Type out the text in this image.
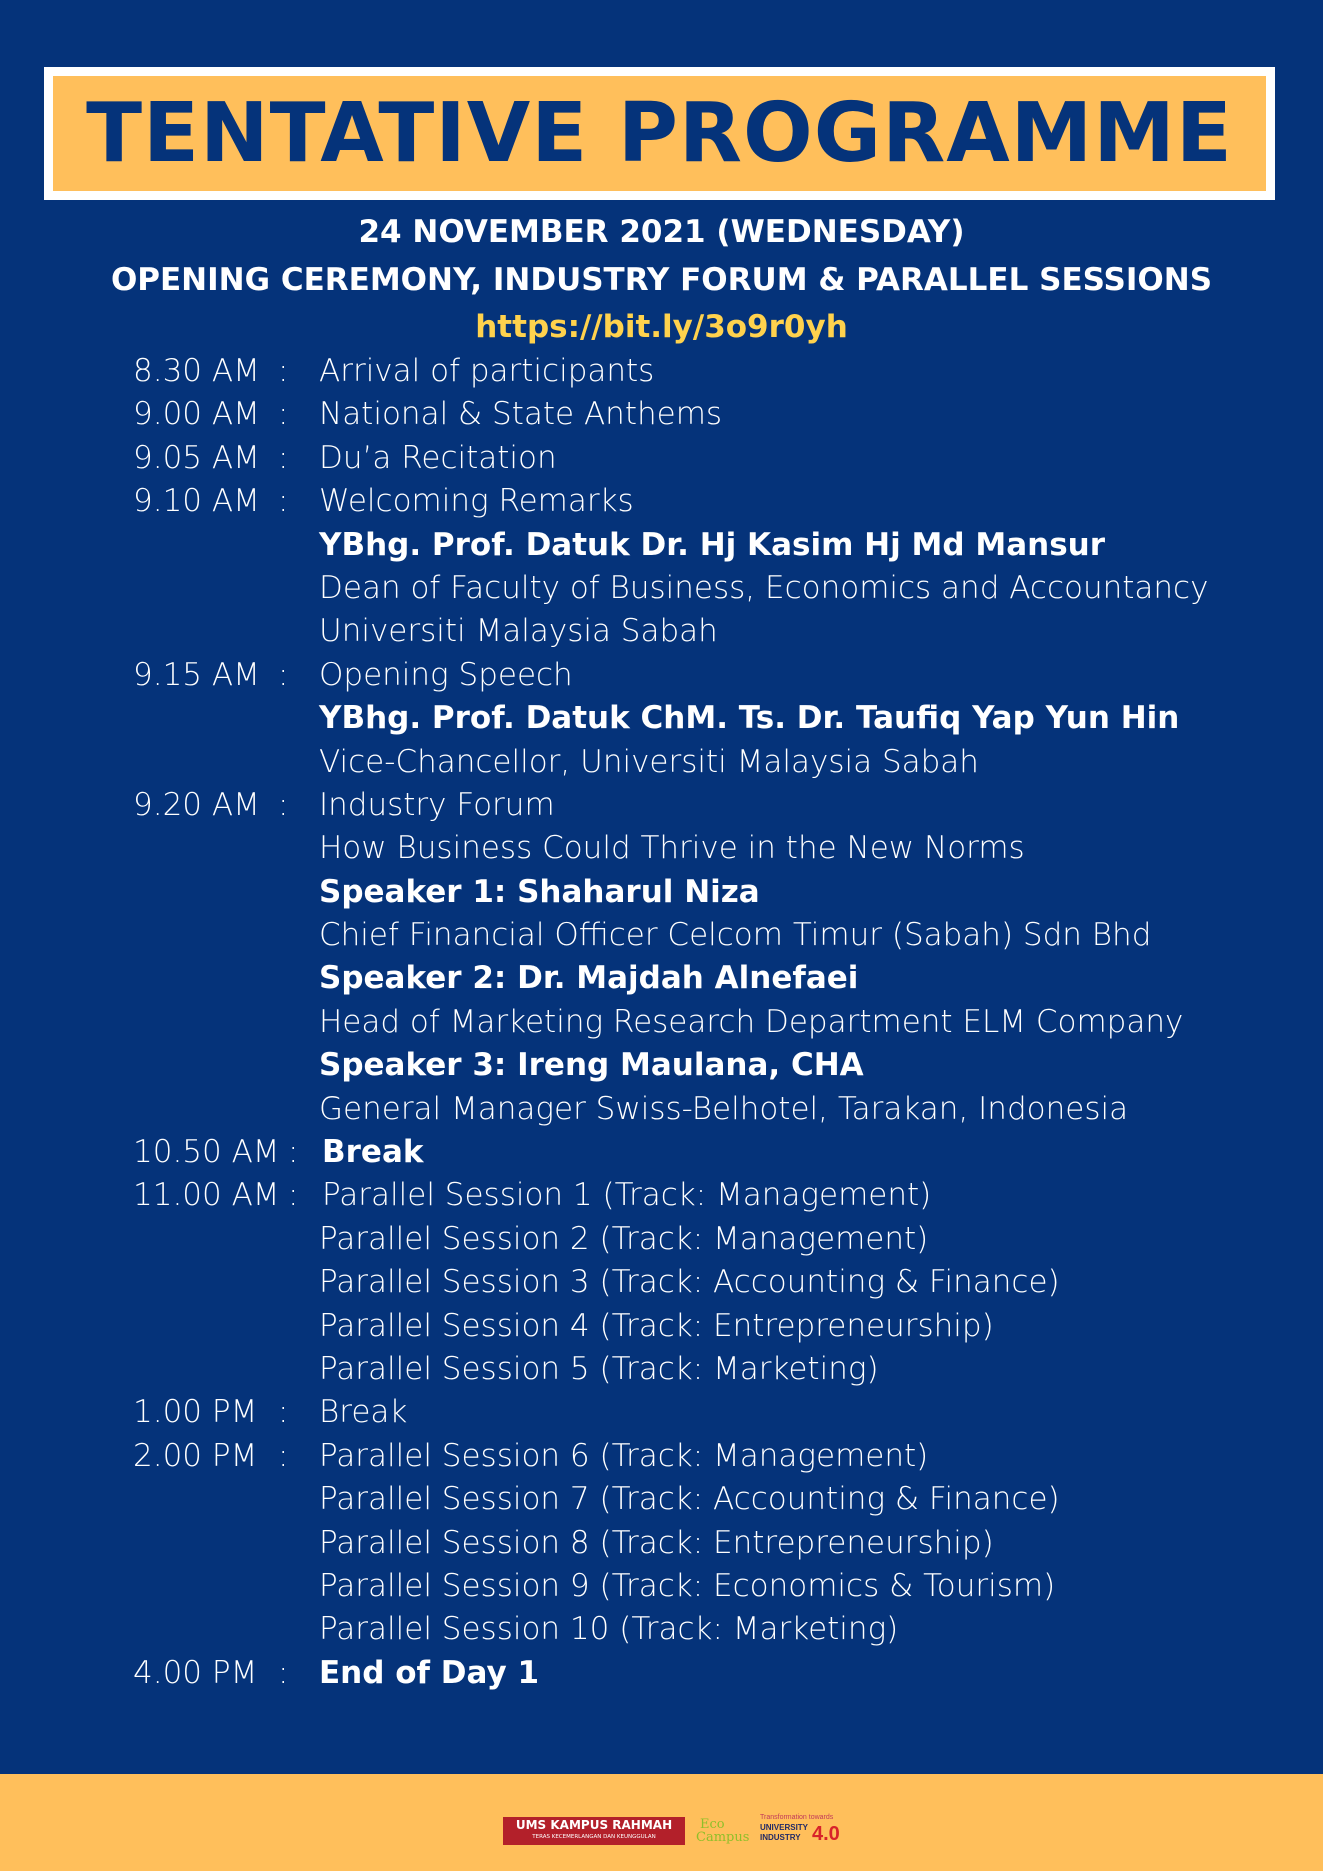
TENTATIVE PROGRAMME
24 NOVEMBER 2021 (WEDNESDAY)
OPENING CEREMONY, INDUSTRY FORUM & PARALLEL SESSIONS
https://bit.ly/3o9r0yh
8.30 AM : Arrival of participants
9.00 AM : National & State Anthems
9.05 AM : Du’a Recitation
9.10 AM : Welcoming Remarks
YBhg. Prof. Datuk Dr. Hj Kasim Hj Md Mansur
Dean of Faculty of Business, Economics and Accountancy
Universiti Malaysia Sabah
9.15 AM : Opening Speech
YBhg. Prof. Datuk ChM. Ts. Dr. Taufiq Yap Yun Hin
Vice-Chancellor, Universiti Malaysia Sabah
9.20 AM : Industry Forum
How Business Could Thrive in the New Norms
Speaker 1: Shaharul Niza
Chief Financial Officer Celcom Timur (Sabah) Sdn Bhd
Speaker 2: Dr. Majdah Alnefaei
Head of Marketing Research Department ELM Company
Speaker 3: Ireng Maulana, CHA
General Manager Swiss-Belhotel, Tarakan, Indonesia
10.50 AM : Break
11.00 AM : Parallel Session 1 (Track: Management)
Parallel Session 2 (Track: Management)
Parallel Session 3 (Track: Accounting & Finance)
Parallel Session 4 (Track: Entrepreneurship)
Parallel Session 5 (Track: Marketing)
1.00 PM : Break
2.00 PM : Parallel Session 6 (Track: Management)
Parallel Session 7 (Track: Accounting & Finance)
Parallel Session 8 (Track: Entrepreneurship)
Parallel Session 9 (Track: Economics & Tourism)
Parallel Session 10 (Track: Marketing)
4.00 PM : End of Day 1
UMS KAMPUS RAHMAH
TERAS KECEMERLANGAN DAN KEUNGGULAN
Eco
Campus
Transformation towards
UNIVERSITY
INDUSTRY 4.0
